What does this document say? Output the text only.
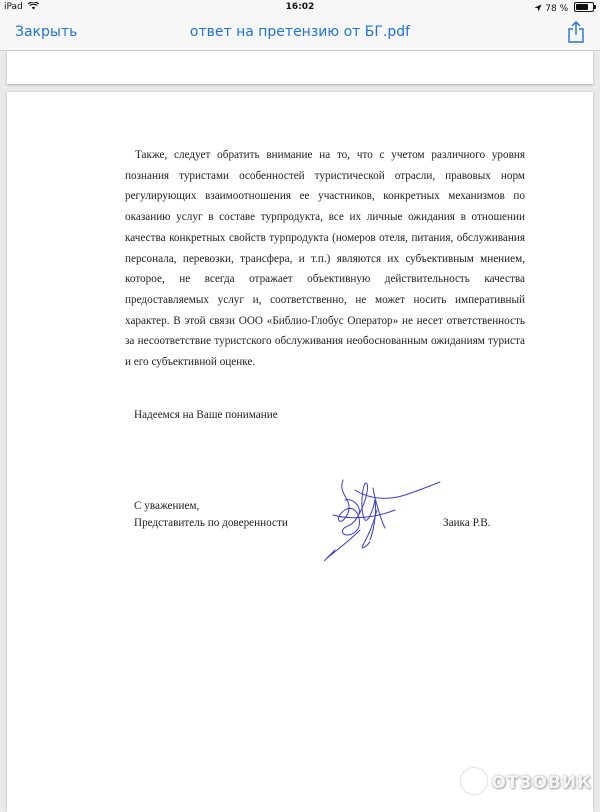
iPad	16:02	78 %
Закрыть	ответ на претензию от БГ.pdf
Также, следует обратить внимание на то, что с учетом различного уровня познания туристами особенностей туристической отрасли, правовых норм регулирующих взаимоотношения ее участников, конкретных механизмов по оказанию услуг в составе турпродукта, все их личные ожидания в отношении качества конкретных свойств турпродукта (номеров отеля, питания, обслуживания персонала, перевозки, трансфера, и т.п.) являются их субъективным мнением, которое, не всегда отражает объективную действительность качества предоставляемых услуг и, соответственно, не может носить императивный характер. В этой связи ООО «Библио-Глобус Оператор» не несет ответственность за несоответствие туристского обслуживания необоснованным ожиданиям туриста и его субъективной оценке.
Надеемся на Ваше понимание
С уважением,
Представитель по доверенности	Заика Р.В.
ОТЗОВИК
